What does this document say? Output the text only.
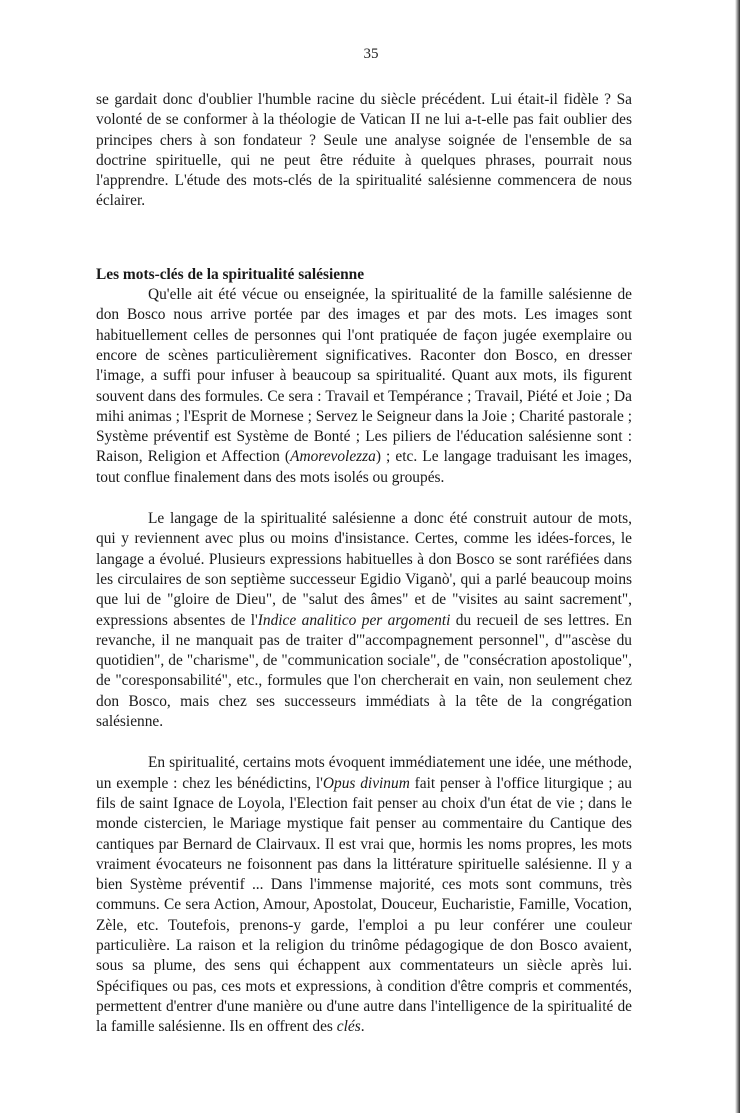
35

se gardait donc d'oublier l'humble racine du siècle précédent. Lui était-il fidèle ? Sa volonté de se conformer à la théologie de Vatican II ne lui a-t-elle pas fait oublier des principes chers à son fondateur ? Seule une analyse soignée de l'ensemble de sa doctrine spirituelle, qui ne peut être réduite à quelques phrases, pourrait nous l'apprendre. L'étude des mots-clés de la spiritualité salésienne commencera de nous éclairer.

Les mots-clés de la spiritualité salésienne

Qu'elle ait été vécue ou enseignée, la spiritualité de la famille salésienne de don Bosco nous arrive portée par des images et par des mots. Les images sont habituellement celles de personnes qui l'ont pratiquée de façon jugée exemplaire ou encore de scènes particulièrement significatives. Raconter don Bosco, en dresser l'image, a suffi pour infuser à beaucoup sa spiritualité. Quant aux mots, ils figurent souvent dans des formules. Ce sera : Travail et Tempérance ; Travail, Piété et Joie ; Da mihi animas ; l'Esprit de Mornese ; Servez le Seigneur dans la Joie ; Charité pastorale ; Système préventif est Système de Bonté ; Les piliers de l'éducation salésienne sont : Raison, Religion et Affection (Amorevolezza) ; etc. Le langage traduisant les images, tout conflue finalement dans des mots isolés ou groupés.

Le langage de la spiritualité salésienne a donc été construit autour de mots, qui y reviennent avec plus ou moins d'insistance. Certes, comme les idées-forces, le langage a évolué. Plusieurs expressions habituelles à don Bosco se sont raréfiées dans les circulaires de son septième successeur Egidio Viganò', qui a parlé beaucoup moins que lui de "gloire de Dieu", de "salut des âmes" et de "visites au saint sacrement", expressions absentes de l'Indice analitico per argomenti du recueil de ses lettres. En revanche, il ne manquait pas de traiter d'"accompagnement personnel", d'"ascèse du quotidien", de "charisme", de "communication sociale", de "consécration apostolique", de "coresponsabilité", etc., formules que l'on chercherait en vain, non seulement chez don Bosco, mais chez ses successeurs immédiats à la tête de la congrégation salésienne.

En spiritualité, certains mots évoquent immédiatement une idée, une méthode, un exemple : chez les bénédictins, l'Opus divinum fait penser à l'office liturgique ; au fils de saint Ignace de Loyola, l'Election fait penser au choix d'un état de vie ; dans le monde cistercien, le Mariage mystique fait penser au commentaire du Cantique des cantiques par Bernard de Clairvaux. Il est vrai que, hormis les noms propres, les mots vraiment évocateurs ne foisonnent pas dans la littérature spirituelle salésienne. Il y a bien Système préventif ... Dans l'immense majorité, ces mots sont communs, très communs. Ce sera Action, Amour, Apostolat, Douceur, Eucharistie, Famille, Vocation, Zèle, etc. Toutefois, prenons-y garde, l'emploi a pu leur conférer une couleur particulière. La raison et la religion du trinôme pédagogique de don Bosco avaient, sous sa plume, des sens qui échappent aux commentateurs un siècle après lui. Spécifiques ou pas, ces mots et expressions, à condition d'être compris et commentés, permettent d'entrer d'une manière ou d'une autre dans l'intelligence de la spiritualité de la famille salésienne. Ils en offrent des clés.
